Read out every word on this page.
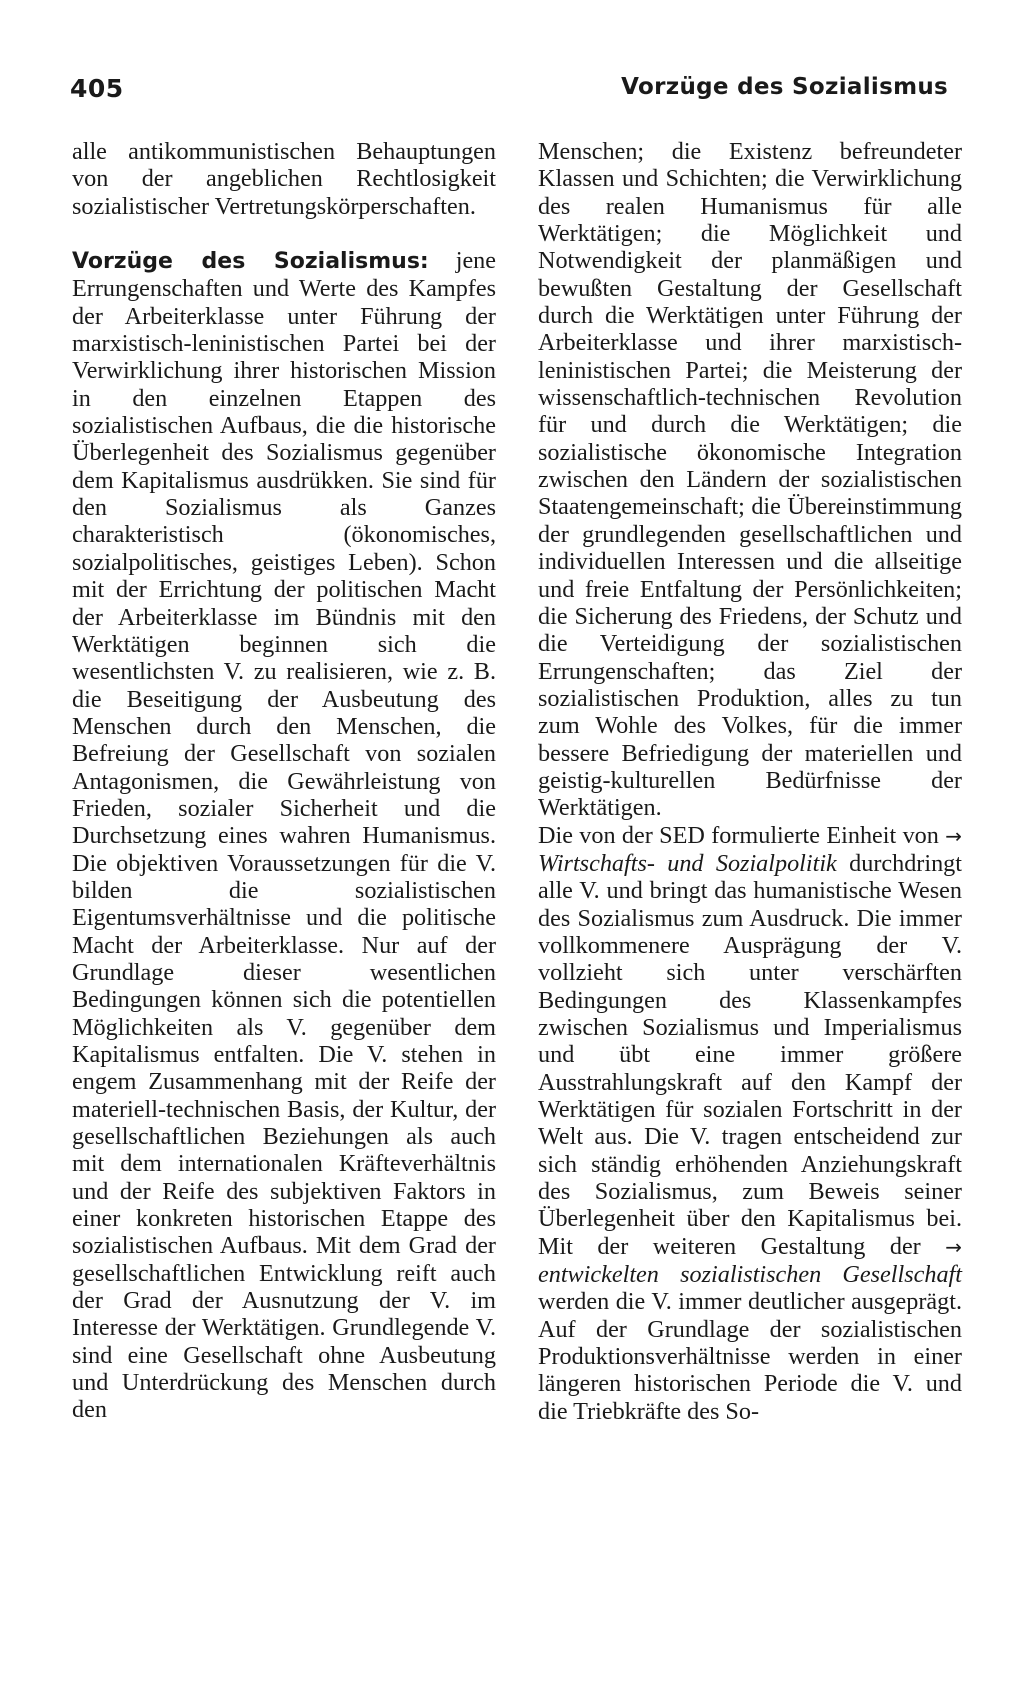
405	Vorzüge des Sozialismus

alle antikommunistischen Behauptungen von der angeblichen Rechtlosigkeit sozialistischer Vertretungskörperschaften.

Vorzüge des Sozialismus: jene Errungenschaften und Werte des Kampfes der Arbeiterklasse unter Führung der marxistisch-leninistischen Partei bei der Verwirklichung ihrer historischen Mission in den einzelnen Etappen des sozialistischen Aufbaus, die die historische Überlegenheit des Sozialismus gegenüber dem Kapitalismus ausdrükken. Sie sind für den Sozialismus als Ganzes charakteristisch (ökonomisches, sozialpolitisches, geistiges Leben). Schon mit der Errichtung der politischen Macht der Arbeiterklasse im Bündnis mit den Werktätigen beginnen sich die wesentlichsten V. zu realisieren, wie z. B. die Beseitigung der Ausbeutung des Menschen durch den Menschen, die Befreiung der Gesellschaft von sozialen Antagonismen, die Gewährleistung von Frieden, sozialer Sicherheit und die Durchsetzung eines wahren Humanismus. Die objektiven Voraussetzungen für die V. bilden die sozialistischen Eigentumsverhältnisse und die politische Macht der Arbeiterklasse. Nur auf der Grundlage dieser wesentlichen Bedingungen können sich die potentiellen Möglichkeiten als V. gegenüber dem Kapitalismus entfalten. Die V. stehen in engem Zusammenhang mit der Reife der materiell-technischen Basis, der Kultur, der gesellschaftlichen Beziehungen als auch mit dem internationalen Kräfteverhältnis und der Reife des subjektiven Faktors in einer konkreten historischen Etappe des sozialistischen Aufbaus. Mit dem Grad der gesellschaftlichen Entwicklung reift auch der Grad der Ausnutzung der V. im Interesse der Werktätigen. Grundlegende V. sind eine Gesellschaft ohne Ausbeutung und Unterdrückung des Menschen durch den

Menschen; die Existenz befreundeter Klassen und Schichten; die Verwirklichung des realen Humanismus für alle Werktätigen; die Möglichkeit und Notwendigkeit der planmäßigen und bewußten Gestaltung der Gesellschaft durch die Werktätigen unter Führung der Arbeiterklasse und ihrer marxistisch-leninistischen Partei; die Meisterung der wissenschaftlich-technischen Revolution für und durch die Werktätigen; die sozialistische ökonomische Integration zwischen den Ländern der sozialistischen Staatengemeinschaft; die Übereinstimmung der grundlegenden gesellschaftlichen und individuellen Interessen und die allseitige und freie Entfaltung der Persönlichkeiten; die Sicherung des Friedens, der Schutz und die Verteidigung der sozialistischen Errungenschaften; das Ziel der sozialistischen Produktion, alles zu tun zum Wohle des Volkes, für die immer bessere Befriedigung der materiellen und geistig-kulturellen Bedürfnisse der Werktätigen.

Die von der SED formulierte Einheit von → Wirtschafts- und Sozialpolitik durchdringt alle V. und bringt das humanistische Wesen des Sozialismus zum Ausdruck. Die immer vollkommenere Ausprägung der V. vollzieht sich unter verschärften Bedingungen des Klassenkampfes zwischen Sozialismus und Imperialismus und übt eine immer größere Ausstrahlungskraft auf den Kampf der Werktätigen für sozialen Fortschritt in der Welt aus. Die V. tragen entscheidend zur sich ständig erhöhenden Anziehungskraft des Sozialismus, zum Beweis seiner Überlegenheit über den Kapitalismus bei. Mit der weiteren Gestaltung der → entwickelten sozialistischen Gesellschaft werden die V. immer deutlicher ausgeprägt. Auf der Grundlage der sozialistischen Produktionsverhältnisse werden in einer längeren historischen Periode die V. und die Triebkräfte des So-
